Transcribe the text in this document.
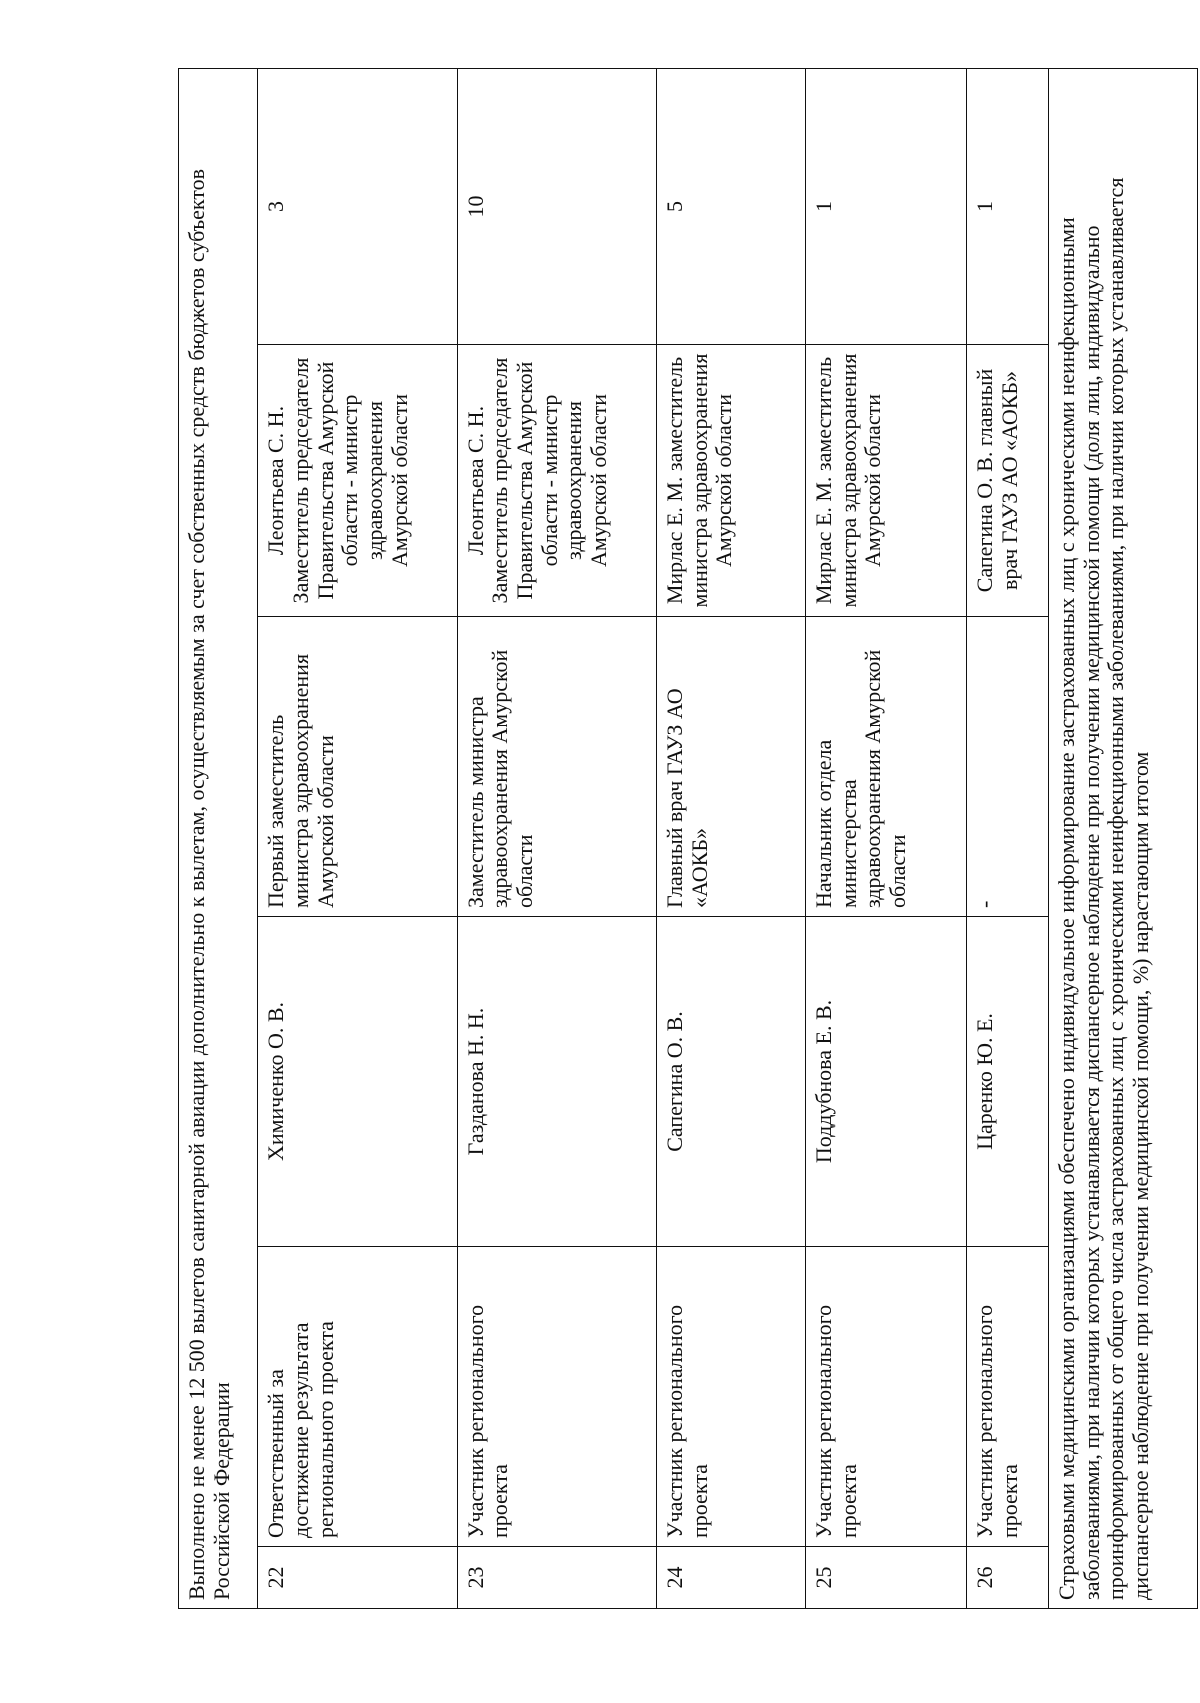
Выполнено не менее 12 500 вылетов санитарной авиации дополнительно к вылетам, осуществляемым за счет собственных средств бюджетов субъектов Российской Федерации					
22	Ответственный за достижение результата регионального проекта	Химиченко О. В.	Первый заместитель министра здравоохранения Амурской области	Леонтьева С. Н. Заместитель председателя Правительства Амурской области - министр здравоохранения Амурской области	3
23	Участник регионального проекта	Газданова Н. Н.	Заместитель министра здравоохранения Амурской области	Леонтьева С. Н. Заместитель председателя Правительства Амурской области - министр здравоохранения Амурской области	10
24	Участник регионального проекта	Сапегина О. В.	Главный врач ГАУЗ АО «АОКБ»	Мирлас Е. М. заместитель министра здравоохранения Амурской области	5
25	Участник регионального проекта	Поддубнова Е. В.	Начальник отдела министерства здравоохранения Амурской области	Мирлас Е. М. заместитель министра здравоохранения Амурской области	1
26	Участник регионального проекта	Царенко Ю. Е.	-	Сапегина О. В. главный врач ГАУЗ АО «АОКБ»	1
Страховыми медицинскими организациями обеспечено индивидуальное информирование застрахованных лиц с хроническими неинфекционными заболеваниями, при наличии которых устанавливается диспансерное наблюдение при получении медицинской помощи (доля лиц, индивидуально проинформированных от общего числа застрахованных лиц с хроническими неинфекционными заболеваниями, при наличии которых устанавливается диспансерное наблюдение при получении медицинской помощи, %) нарастающим итогом					
